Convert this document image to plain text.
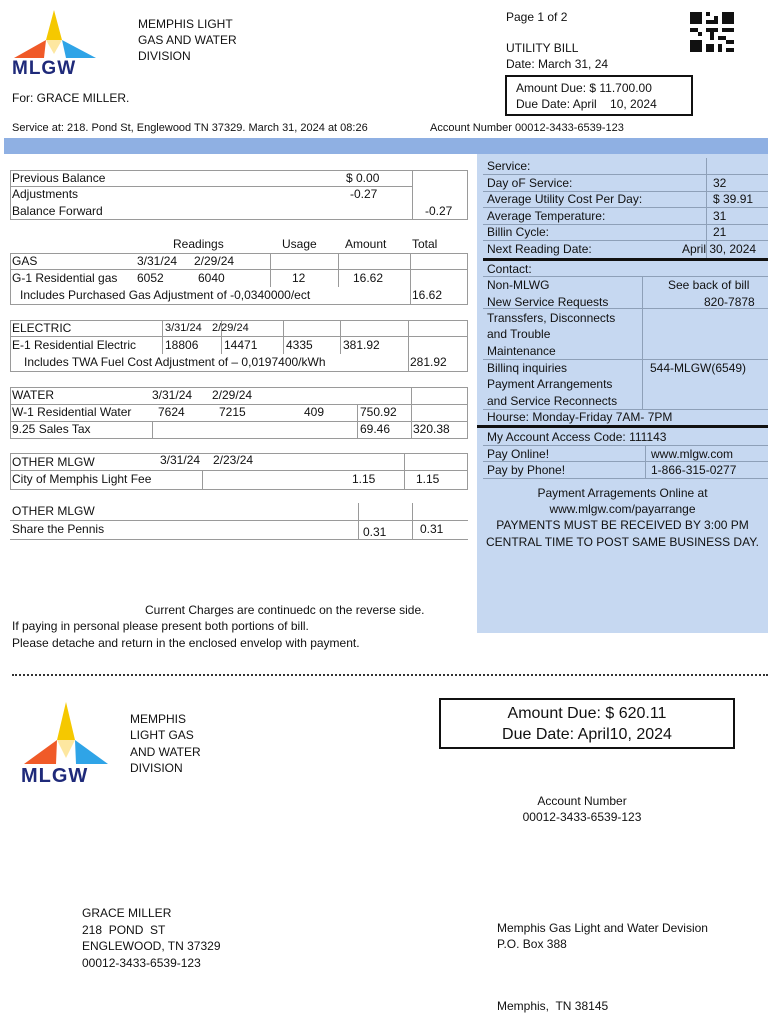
MLGW
MEMPHIS LIGHT
GAS AND WATER
DIVISION
Page 1 of 2
UTILITY BILL
Date: March 31, 24
Amount Due: $ 11.700.00
Due Date: April    10, 2024
For: GRACE MILLER.
Service at: 218. Pond St, Englewood TN 37329. March 31, 2024 at 08:26	Account Number 00012-3433-6539-123
Previous Balance	$ 0.00
Adjustments	-0.27
Balance Forward	-0.27
Readings	Usage Amount Total
GAS	3/31/24 2/29/24
G-1 Residential gas 6052	6040	12	16.62
Includes Purchased Gas Adjustment of -0,0340000/ect	16.62
ELECTRIC	3/31/24 2/29/24
E-1 Residential Electric 18806 14471 4335	381.92
Includes TWA Fuel Cost Adjustment of – 0,0197400/kWh	281.92
WATER	3/31/24 2/29/24
W-1 Residential Water 7624	7215	409	750.92
9.25 Sales Tax	69.46 320.38
OTHER MLGW	3/31/24 2/23/24
City of Memphis Light Fee	1.15	1.15
OTHER MLGW
Share the Pennis	0.31	0.31
Service:
Day oF Service:	32
Average Utility Cost Per Day:	$ 39.91
Average Temperature:	31
Billin Cycle:	21
Next Reading Date:	April 30, 2024
Contact:
Non-MLWG	See back of bill
New Service Requests	820-7878
Transsfers, Disconnects
and Trouble
Maintenance
Billinq inquiries	544-MLGW(6549)
Payment Arrangements
and Service Reconnects
Hourse: Monday-Friday 7AM- 7PM
My Account Access Code: 111143
Pay Online!	www.mlgw.com
Pay by Phone!	1-866-315-0277
Payment Arragements Online at
www.mlgw.com/payarrange
PAYMENTS MUST BE RECEIVED BY 3:00 PM
CENTRAL TIME TO POST SAME BUSINESS DAY.
Current Charges are continuedc on the reverse side.
If paying in personal please present both portions of bill.
Please detache and return in the enclosed envelop with payment.
MLGW
MEMPHIS
LIGHT GAS
AND WATER
DIVISION
Amount Due: $ 620.11
Due Date: April10, 2024
Account Number
00012-3433-6539-123
GRACE MILLER
218  POND  ST
ENGLEWOOD, TN 37329
00012-3433-6539-123
Memphis Gas Light and Water Devision
P.O. Box 388
Memphis,  TN 38145
